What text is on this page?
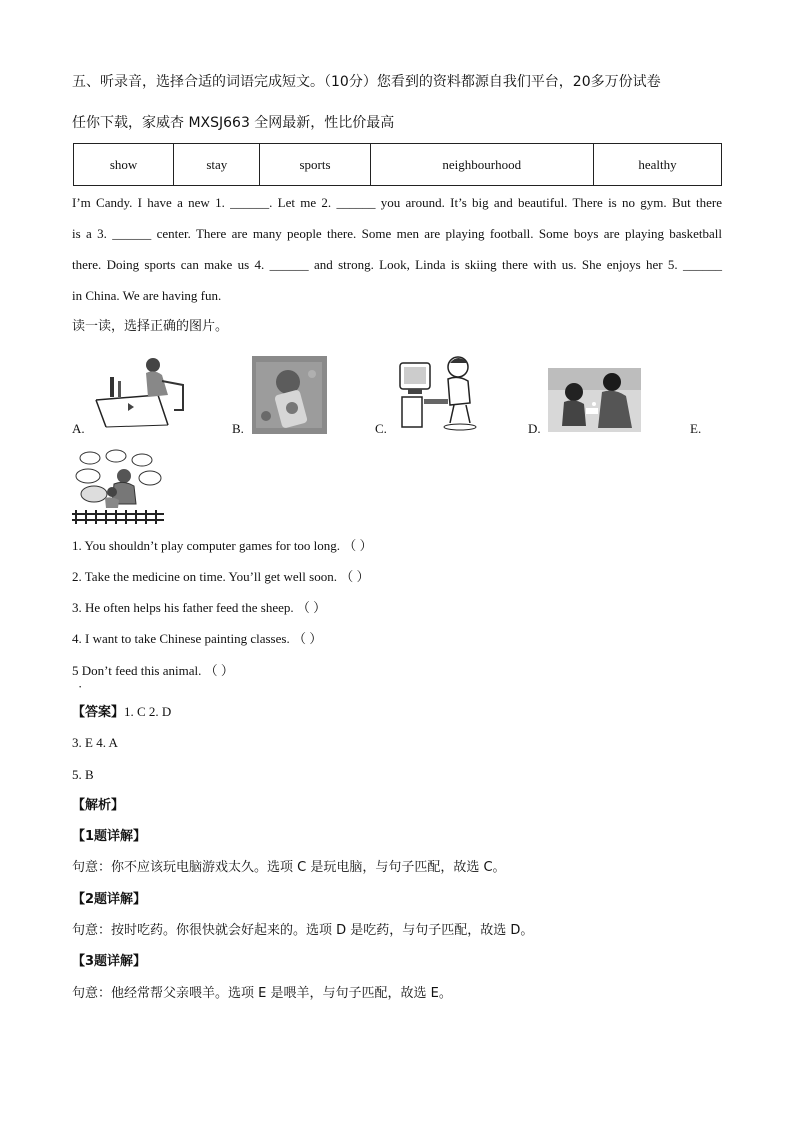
五、听录音，选择合适的词语完成短文。（10分）您看到的资料都源自我们平台，20多万份试卷
任你下载，家威杏 MXSJ663 全网最新，性比价最高
show	stay	sports	neighbourhood	healthy
I’m Candy. I have a new 1. ______. Let me 2. ______ you around. It’s big and beautiful. There is no gym. But there
is a 3. ______ center. There are many people there. Some men are playing football. Some boys are playing basketball
there. Doing sports can make us 4. ______ and strong. Look, Linda is skiing there with us. She enjoys her 5. ______
in China. We are having fun.
读一读，选择正确的图片。
A.	B.	C.	D.	E.
1. You shouldn’t play computer games for too long. （ ）
2. Take the medicine on time. You’ll get well soon. （ ）
3. He often helps his father feed the sheep. （ ）
4. I want to take Chinese painting classes. （ ）
5 Don’t feed this animal. （ ）
·
【答案】1. C 2. D
3. E 4. A
5. B
【解析】
【1题详解】
句意：你不应该玩电脑游戏太久。选项 C 是玩电脑，与句子匹配，故选 C。
【2题详解】
句意：按时吃药。你很快就会好起来的。选项 D 是吃药，与句子匹配，故选 D。
【3题详解】
句意：他经常帮父亲喂羊。选项 E 是喂羊，与句子匹配，故选 E。
